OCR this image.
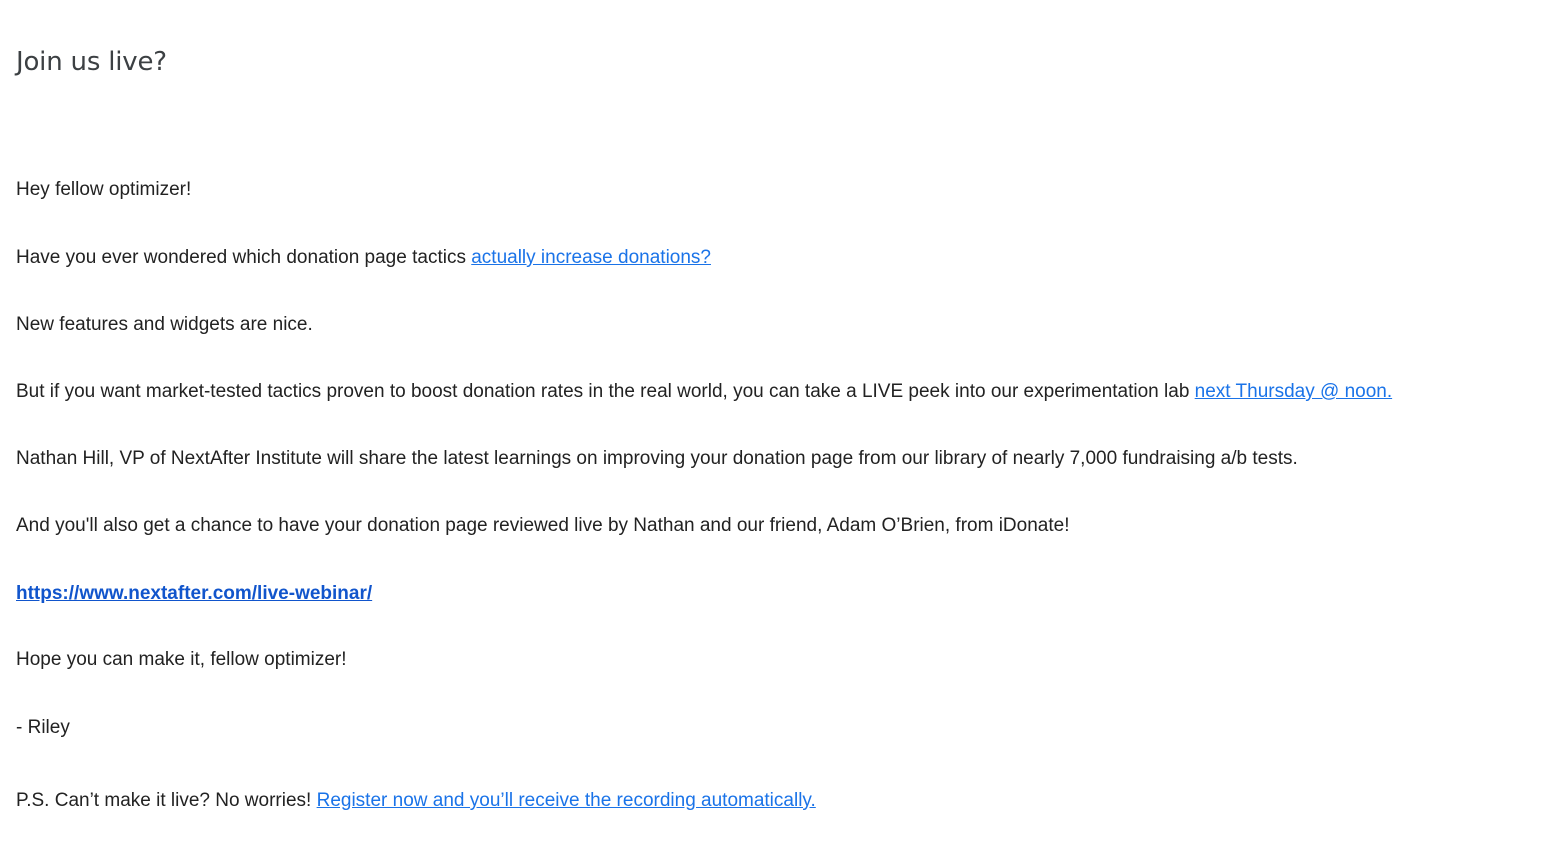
Join us live?

Hey fellow optimizer!

Have you ever wondered which donation page tactics actually increase donations?

New features and widgets are nice.

But if you want market-tested tactics proven to boost donation rates in the real world, you can take a LIVE peek into our experimentation lab next Thursday @ noon.

Nathan Hill, VP of NextAfter Institute will share the latest learnings on improving your donation page from our library of nearly 7,000 fundraising a/b tests.

And you'll also get a chance to have your donation page reviewed live by Nathan and our friend, Adam O’Brien, from iDonate!

https://www.nextafter.com/live-webinar/

Hope you can make it, fellow optimizer!

- Riley

P.S. Can’t make it live? No worries! Register now and you’ll receive the recording automatically.
